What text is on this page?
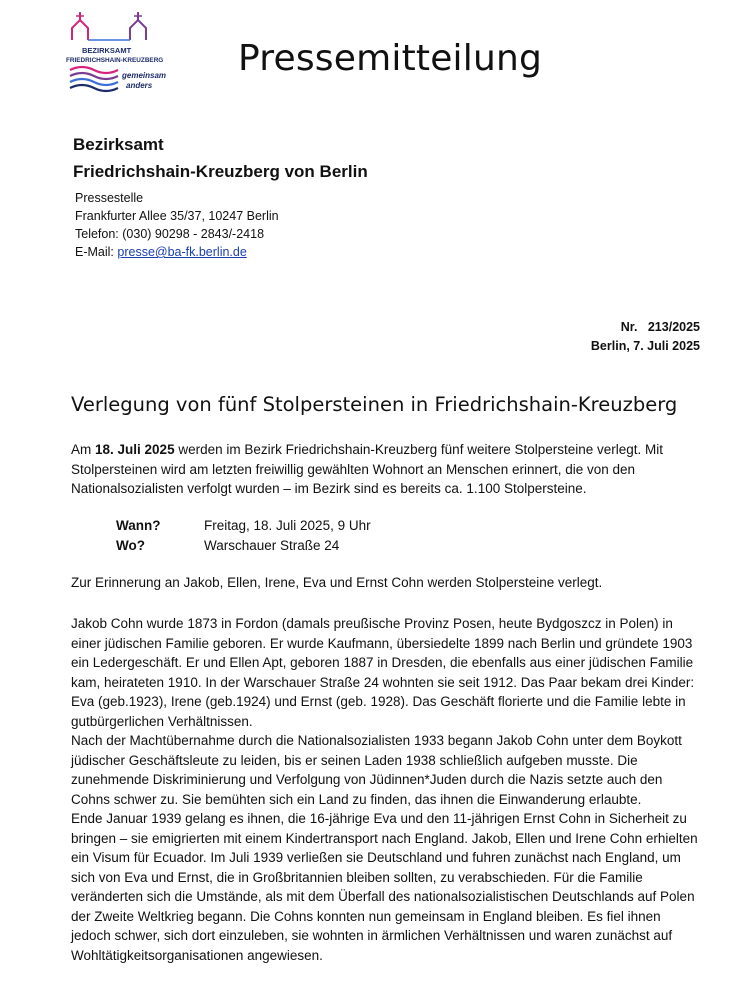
BEZIRKSAMT
FRIEDRICHSHAIN-KREUZBERG
gemeinsam
anders
Pressemitteilung
Bezirksamt
Friedrichshain-Kreuzberg von Berlin
Pressestelle
Frankfurter Allee 35/37, 10247 Berlin
Telefon: (030) 90298 - 2843/-2418
E-Mail: presse@ba-fk.berlin.de
Nr. 213/2025
Berlin, 7. Juli 2025
Verlegung von fünf Stolpersteinen in Friedrichshain-Kreuzberg
Am 18. Juli 2025 werden im Bezirk Friedrichshain-Kreuzberg fünf weitere Stolpersteine verlegt. Mit Stolpersteinen wird am letzten freiwillig gewählten Wohnort an Menschen erinnert, die von den Nationalsozialisten verfolgt wurden – im Bezirk sind es bereits ca. 1.100 Stolpersteine.
Wann?	Freitag, 18. Juli 2025, 9 Uhr
Wo?	Warschauer Straße 24
Zur Erinnerung an Jakob, Ellen, Irene, Eva und Ernst Cohn werden Stolpersteine verlegt.
Jakob Cohn wurde 1873 in Fordon (damals preußische Provinz Posen, heute Bydgoszcz in Polen) in einer jüdischen Familie geboren. Er wurde Kaufmann, übersiedelte 1899 nach Berlin und gründete 1903 ein Ledergeschäft. Er und Ellen Apt, geboren 1887 in Dresden, die ebenfalls aus einer jüdischen Familie kam, heirateten 1910. In der Warschauer Straße 24 wohnten sie seit 1912. Das Paar bekam drei Kinder: Eva (geb.1923), Irene (geb.1924) und Ernst (geb. 1928). Das Geschäft florierte und die Familie lebte in gutbürgerlichen Verhältnissen.
Nach der Machtübernahme durch die Nationalsozialisten 1933 begann Jakob Cohn unter dem Boykott jüdischer Geschäftsleute zu leiden, bis er seinen Laden 1938 schließlich aufgeben musste. Die zunehmende Diskriminierung und Verfolgung von Jüdinnen*Juden durch die Nazis setzte auch den Cohns schwer zu. Sie bemühten sich ein Land zu finden, das ihnen die Einwanderung erlaubte.
Ende Januar 1939 gelang es ihnen, die 16-jährige Eva und den 11-jährigen Ernst Cohn in Sicherheit zu bringen – sie emigrierten mit einem Kindertransport nach England. Jakob, Ellen und Irene Cohn erhielten ein Visum für Ecuador. Im Juli 1939 verließen sie Deutschland und fuhren zunächst nach England, um sich von Eva und Ernst, die in Großbritannien bleiben sollten, zu verabschieden. Für die Familie veränderten sich die Umstände, als mit dem Überfall des nationalsozialistischen Deutschlands auf Polen der Zweite Weltkrieg begann. Die Cohns konnten nun gemeinsam in England bleiben. Es fiel ihnen jedoch schwer, sich dort einzuleben, sie wohnten in ärmlichen Verhältnissen und waren zunächst auf Wohltätigkeitsorganisationen angewiesen.
